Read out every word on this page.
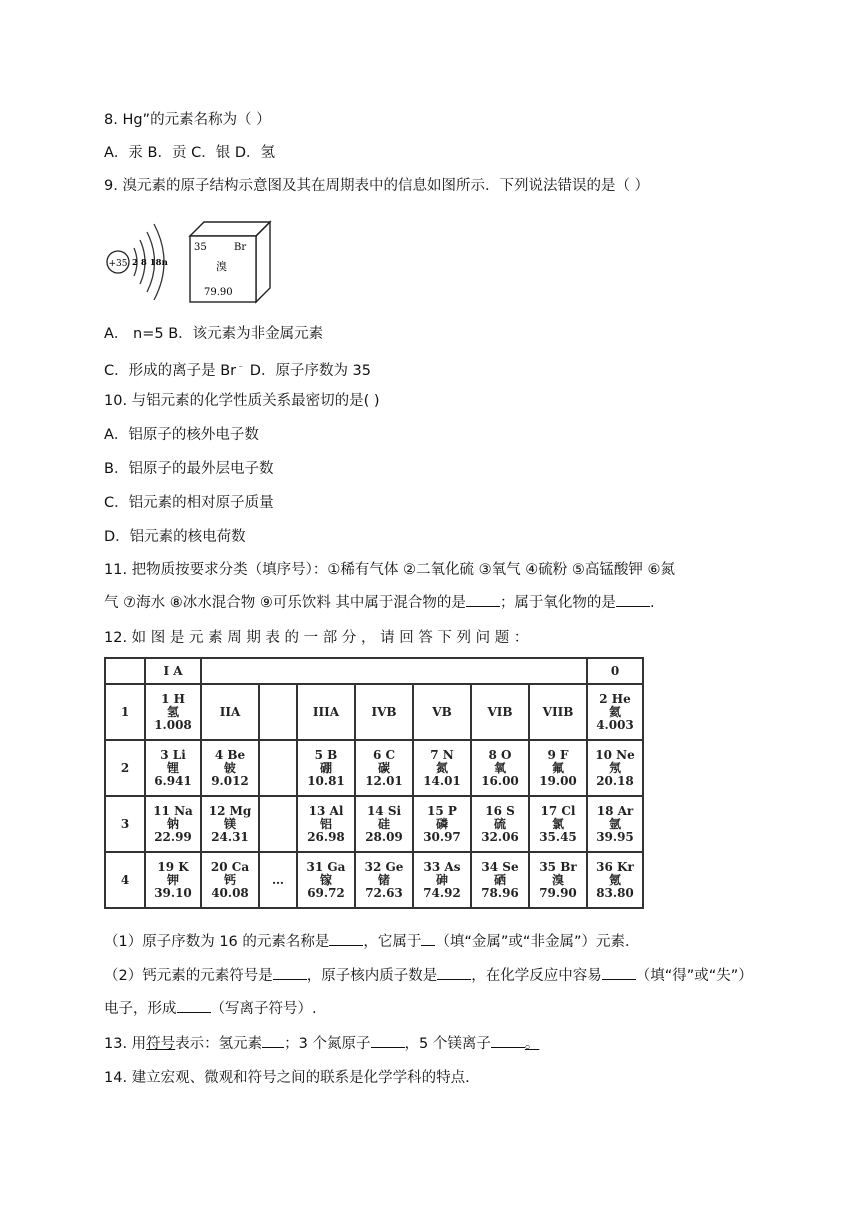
8. Hg”的元素名称为（ ）
A．汞 B．贡 C．银 D．氢
9. 溴元素的原子结构示意图及其在周期表中的信息如图所示．下列说法错误的是（ ）
+35 2 8 18n
35	Br
溴
79.90
A． n=5 B．该元素为非金属元素
C．形成的离子是 Br﹣ D．原子序数为 35
10. 与铝元素的化学性质关系最密切的是( )
A．铝原子的核外电子数
B．铝原子的最外层电子数
C．铝元素的相对原子质量
D．铝元素的核电荷数
11. 把物质按要求分类（填序号）：①稀有气体 ②二氧化硫 ③氧气 ④硫粉 ⑤高锰酸钾 ⑥氮
气 ⑦海水 ⑧冰水混合物 ⑨可乐饮料 其中属于混合物的是 ；属于氧化物的是 .
12. 如 图 是 元 素 周 期 表 的 一 部 分 ， 请 回 答 下 列 问 题 ：
	I A								0
1	1 H
氢
1.008	IIA		IIIA	IVB	VB	VIB	VIIB	2 He
氦
4.003

2	3 Li
锂
6.941	4 Be
铍
9.012		5 B
硼
10.81	6 C
碳
12.01	7 N
氮
14.01	8 O
氧
16.00	9 F
氟
19.00	10 Ne
氖
20.18

3	11 Na
钠
22.99	12 Mg
镁
24.31		13 Al
铝
26.98	14 Si
硅
28.09	15 P
磷
30.97	16 S
硫
32.06	17 Cl
氯
35.45	18 Ar
氩
39.95

4	19 K
钾
39.10	20 Ca
钙
40.08	…	31 Ga
镓
69.72	32 Ge
锗
72.63	33 As
砷
74.92	34 Se
硒
78.96	35 Br
溴
79.90	36 Kr
氪
83.80
（1）原子序数为 16 的元素名称是 ，它属于 （填“金属”或“非金属”）元素．
（2）钙元素的元素符号是 ，原子核内质子数是 ，在化学反应中容易 （填“得”或“失”）
电子，形成 （写离子符号）.
13. 用符号表示：氢元素 ；3 个氮原子 ，5 个镁离子 。
14. 建立宏观、微观和符号之间的联系是化学学科的特点.
